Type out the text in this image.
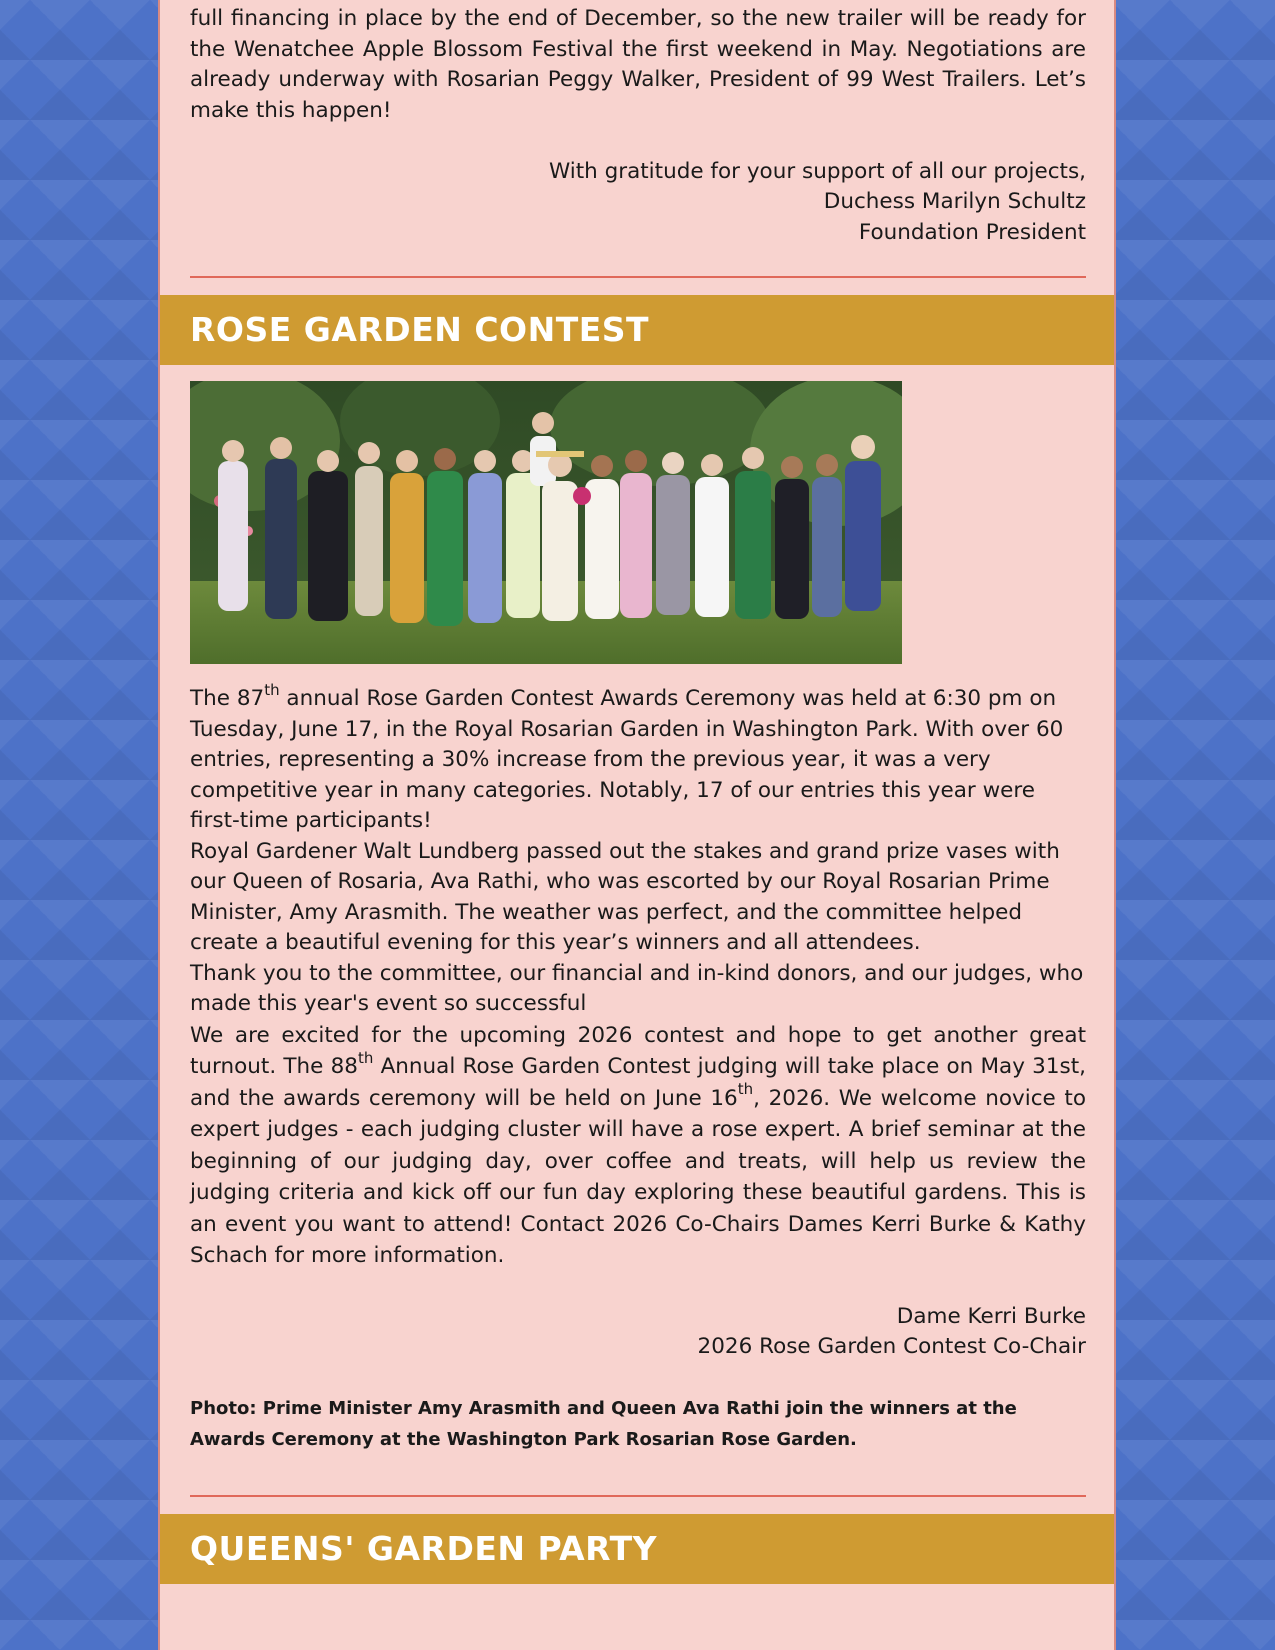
full financing in place by the end of December, so the new trailer will be ready for the Wenatchee Apple Blossom Festival the first weekend in May. Negotiations are already underway with Rosarian Peggy Walker, President of 99 West Trailers. Let’s make this happen!

With gratitude for your support of all our projects,

Duchess Marilyn Schultz

Foundation President

ROSE GARDEN CONTEST

The 87th annual Rose Garden Contest Awards Ceremony was held at 6:30 pm on Tuesday, June 17, in the Royal Rosarian Garden in Washington Park. With over 60 entries, representing a 30% increase from the previous year, it was a very competitive year in many categories. Notably, 17 of our entries this year were first-time participants!

Royal Gardener Walt Lundberg passed out the stakes and grand prize vases with our Queen of Rosaria, Ava Rathi, who was escorted by our Royal Rosarian Prime Minister, Amy Arasmith. The weather was perfect, and the committee helped create a beautiful evening for this year’s winners and all attendees.

Thank you to the committee, our financial and in-kind donors, and our judges, who made this year's event so successful

We are excited for the upcoming 2026 contest and hope to get another great turnout. The 88th Annual Rose Garden Contest judging will take place on May 31st, and the awards ceremony will be held on June 16th, 2026. We welcome novice to expert judges - each judging cluster will have a rose expert. A brief seminar at the beginning of our judging day, over coffee and treats, will help us review the judging criteria and kick off our fun day exploring these beautiful gardens. This is an event you want to attend! Contact 2026 Co-Chairs Dames Kerri Burke & Kathy Schach for more information.

Dame Kerri Burke

2026 Rose Garden Contest Co-Chair

Photo: Prime Minister Amy Arasmith and Queen Ava Rathi join the winners at the Awards Ceremony at the Washington Park Rosarian Rose Garden.

QUEENS' GARDEN PARTY
